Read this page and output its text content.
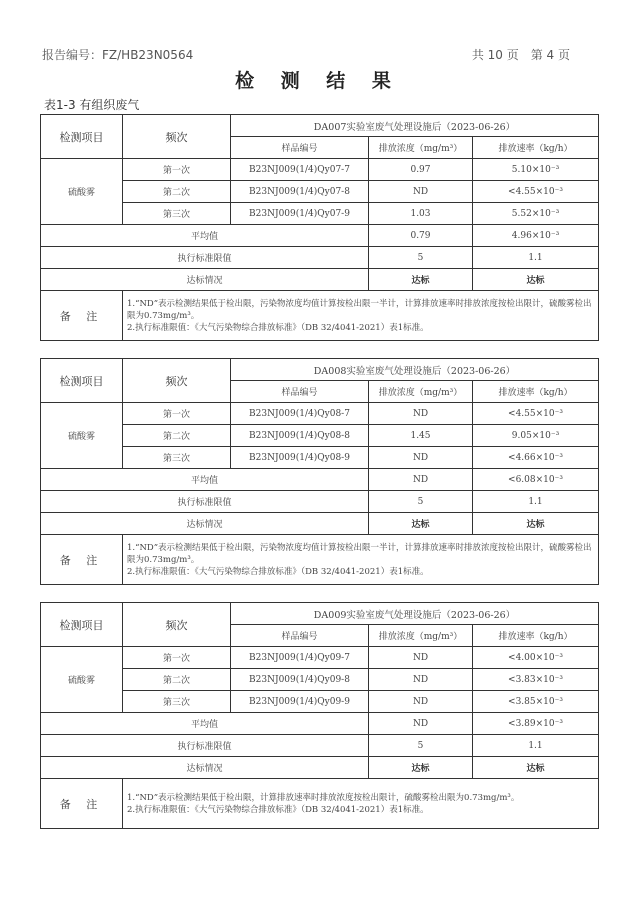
报告编号：FZ/HB23N0564	共 10 页　第 4 页
检 测 结 果
表1-3 有组织废气
检测项目	频次	DA007实验室废气处理设施后（2023-06-26）		
		样品编号	排放浓度（mg/m³）	排放速率（kg/h）
硫酸雾	第一次	B23NJ009(1/4)Qy07-7	0.97	5.10×10⁻³
	第二次	B23NJ009(1/4)Qy07-8	ND	<4.55×10⁻³
	第三次	B23NJ009(1/4)Qy07-9	1.03	5.52×10⁻³
平均值			0.79	4.96×10⁻³
执行标准限值			5	1.1
达标情况			达标	达标
备 注	1.“ND”表示检测结果低于检出限，污染物浓度均值计算按检出限一半计，计算排放速率时排放浓度按检出限计，硫酸雾检出限为0.73mg/m³。
2.执行标准限值：《大气污染物综合排放标准》（DB 32/4041-2021）表1标准。			
检测项目	频次	DA008实验室废气处理设施后（2023-06-26）		
		样品编号	排放浓度（mg/m³）	排放速率（kg/h）
硫酸雾	第一次	B23NJ009(1/4)Qy08-7	ND	<4.55×10⁻³
	第二次	B23NJ009(1/4)Qy08-8	1.45	9.05×10⁻³
	第三次	B23NJ009(1/4)Qy08-9	ND	<4.66×10⁻³
平均值			ND	<6.08×10⁻³
执行标准限值			5	1.1
达标情况			达标	达标
备 注	1.“ND”表示检测结果低于检出限，污染物浓度均值计算按检出限一半计，计算排放速率时排放浓度按检出限计，硫酸雾检出限为0.73mg/m³。
2.执行标准限值：《大气污染物综合排放标准》（DB 32/4041-2021）表1标准。			
检测项目	频次	DA009实验室废气处理设施后（2023-06-26）		
		样品编号	排放浓度（mg/m³）	排放速率（kg/h）
硫酸雾	第一次	B23NJ009(1/4)Qy09-7	ND	<4.00×10⁻³
	第二次	B23NJ009(1/4)Qy09-8	ND	<3.83×10⁻³
	第三次	B23NJ009(1/4)Qy09-9	ND	<3.85×10⁻³
平均值			ND	<3.89×10⁻³
执行标准限值			5	1.1
达标情况			达标	达标
备 注	1.“ND”表示检测结果低于检出限，计算排放速率时排放浓度按检出限计，硫酸雾检出限为0.73mg/m³。
2.执行标准限值：《大气污染物综合排放标准》（DB 32/4041-2021）表1标准。			
